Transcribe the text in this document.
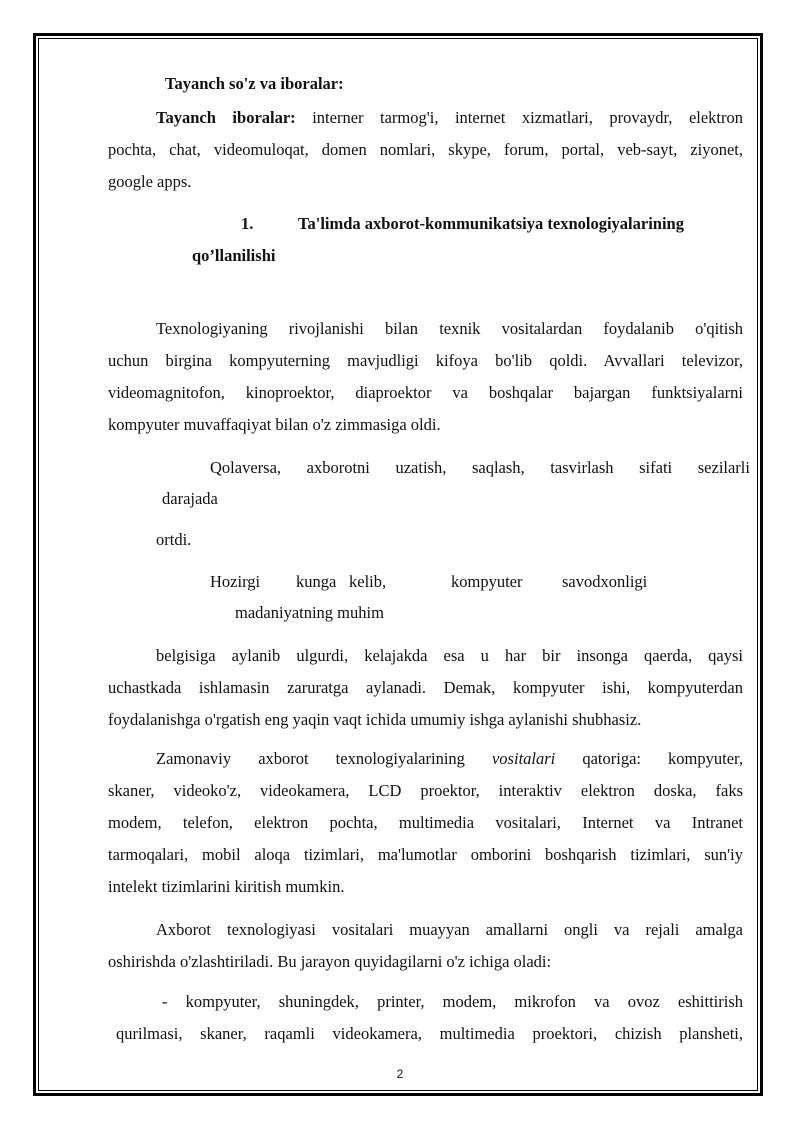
Tayanch so'z va iboralar:
Tayanch iboralar: interner tarmog'i, internet xizmatlari, provaydr, elektron
pochta, chat, videomuloqat, domen nomlari, skype, forum, portal, veb-sayt, ziyonet,
google apps.
1.	Ta'limda axborot-kommunikatsiya texnologiyalarining
qo’llanilishi
Texnologiyaning rivojlanishi bilan texnik vositalardan foydalanib o'qitish
uchun birgina kompyuterning mavjudligi kifoya bo'lib qoldi. Avvallari televizor,
videomagnitofon, kinoproektor, diaproektor va boshqalar bajargan funktsiyalarni
kompyuter muvaffaqiyat bilan o'z zimmasiga oldi.
Qolaversa, axborotni uzatish, saqlash, tasvirlash sifati sezilarli
darajada
ortdi.
Hozirgi kunga kelib,	kompyuter savodxonligi
madaniyatning muhim
belgisiga aylanib ulgurdi, kelajakda esa u har bir insonga qaerda, qaysi
uchastkada ishlamasin zaruratga aylanadi. Demak, kompyuter ishi, kompyuterdan
foydalanishga o'rgatish eng yaqin vaqt ichida umumiy ishga aylanishi shubhasiz.
Zamonaviy axborot texnologiyalarining vositalari qatoriga: kompyuter,
skaner, videoko'z, videokamera, LCD proektor, interaktiv elektron doska, faks
modem, telefon, elektron pochta, multimedia vositalari, Internet va Intranet
tarmoqalari, mobil aloqa tizimlari, ma'lumotlar omborini boshqarish tizimlari, sun'iy
intelekt tizimlarini kiritish mumkin.
Axborot texnologiyasi vositalari muayyan amallarni ongli va rejali amalga
oshirishda o'zlashtiriladi. Bu jarayon quyidagilarni o'z ichiga oladi:
- kompyuter, shuningdek, printer, modem, mikrofon va ovoz eshittirish
qurilmasi, skaner, raqamli videokamera, multimedia proektori, chizish plansheti,
2
